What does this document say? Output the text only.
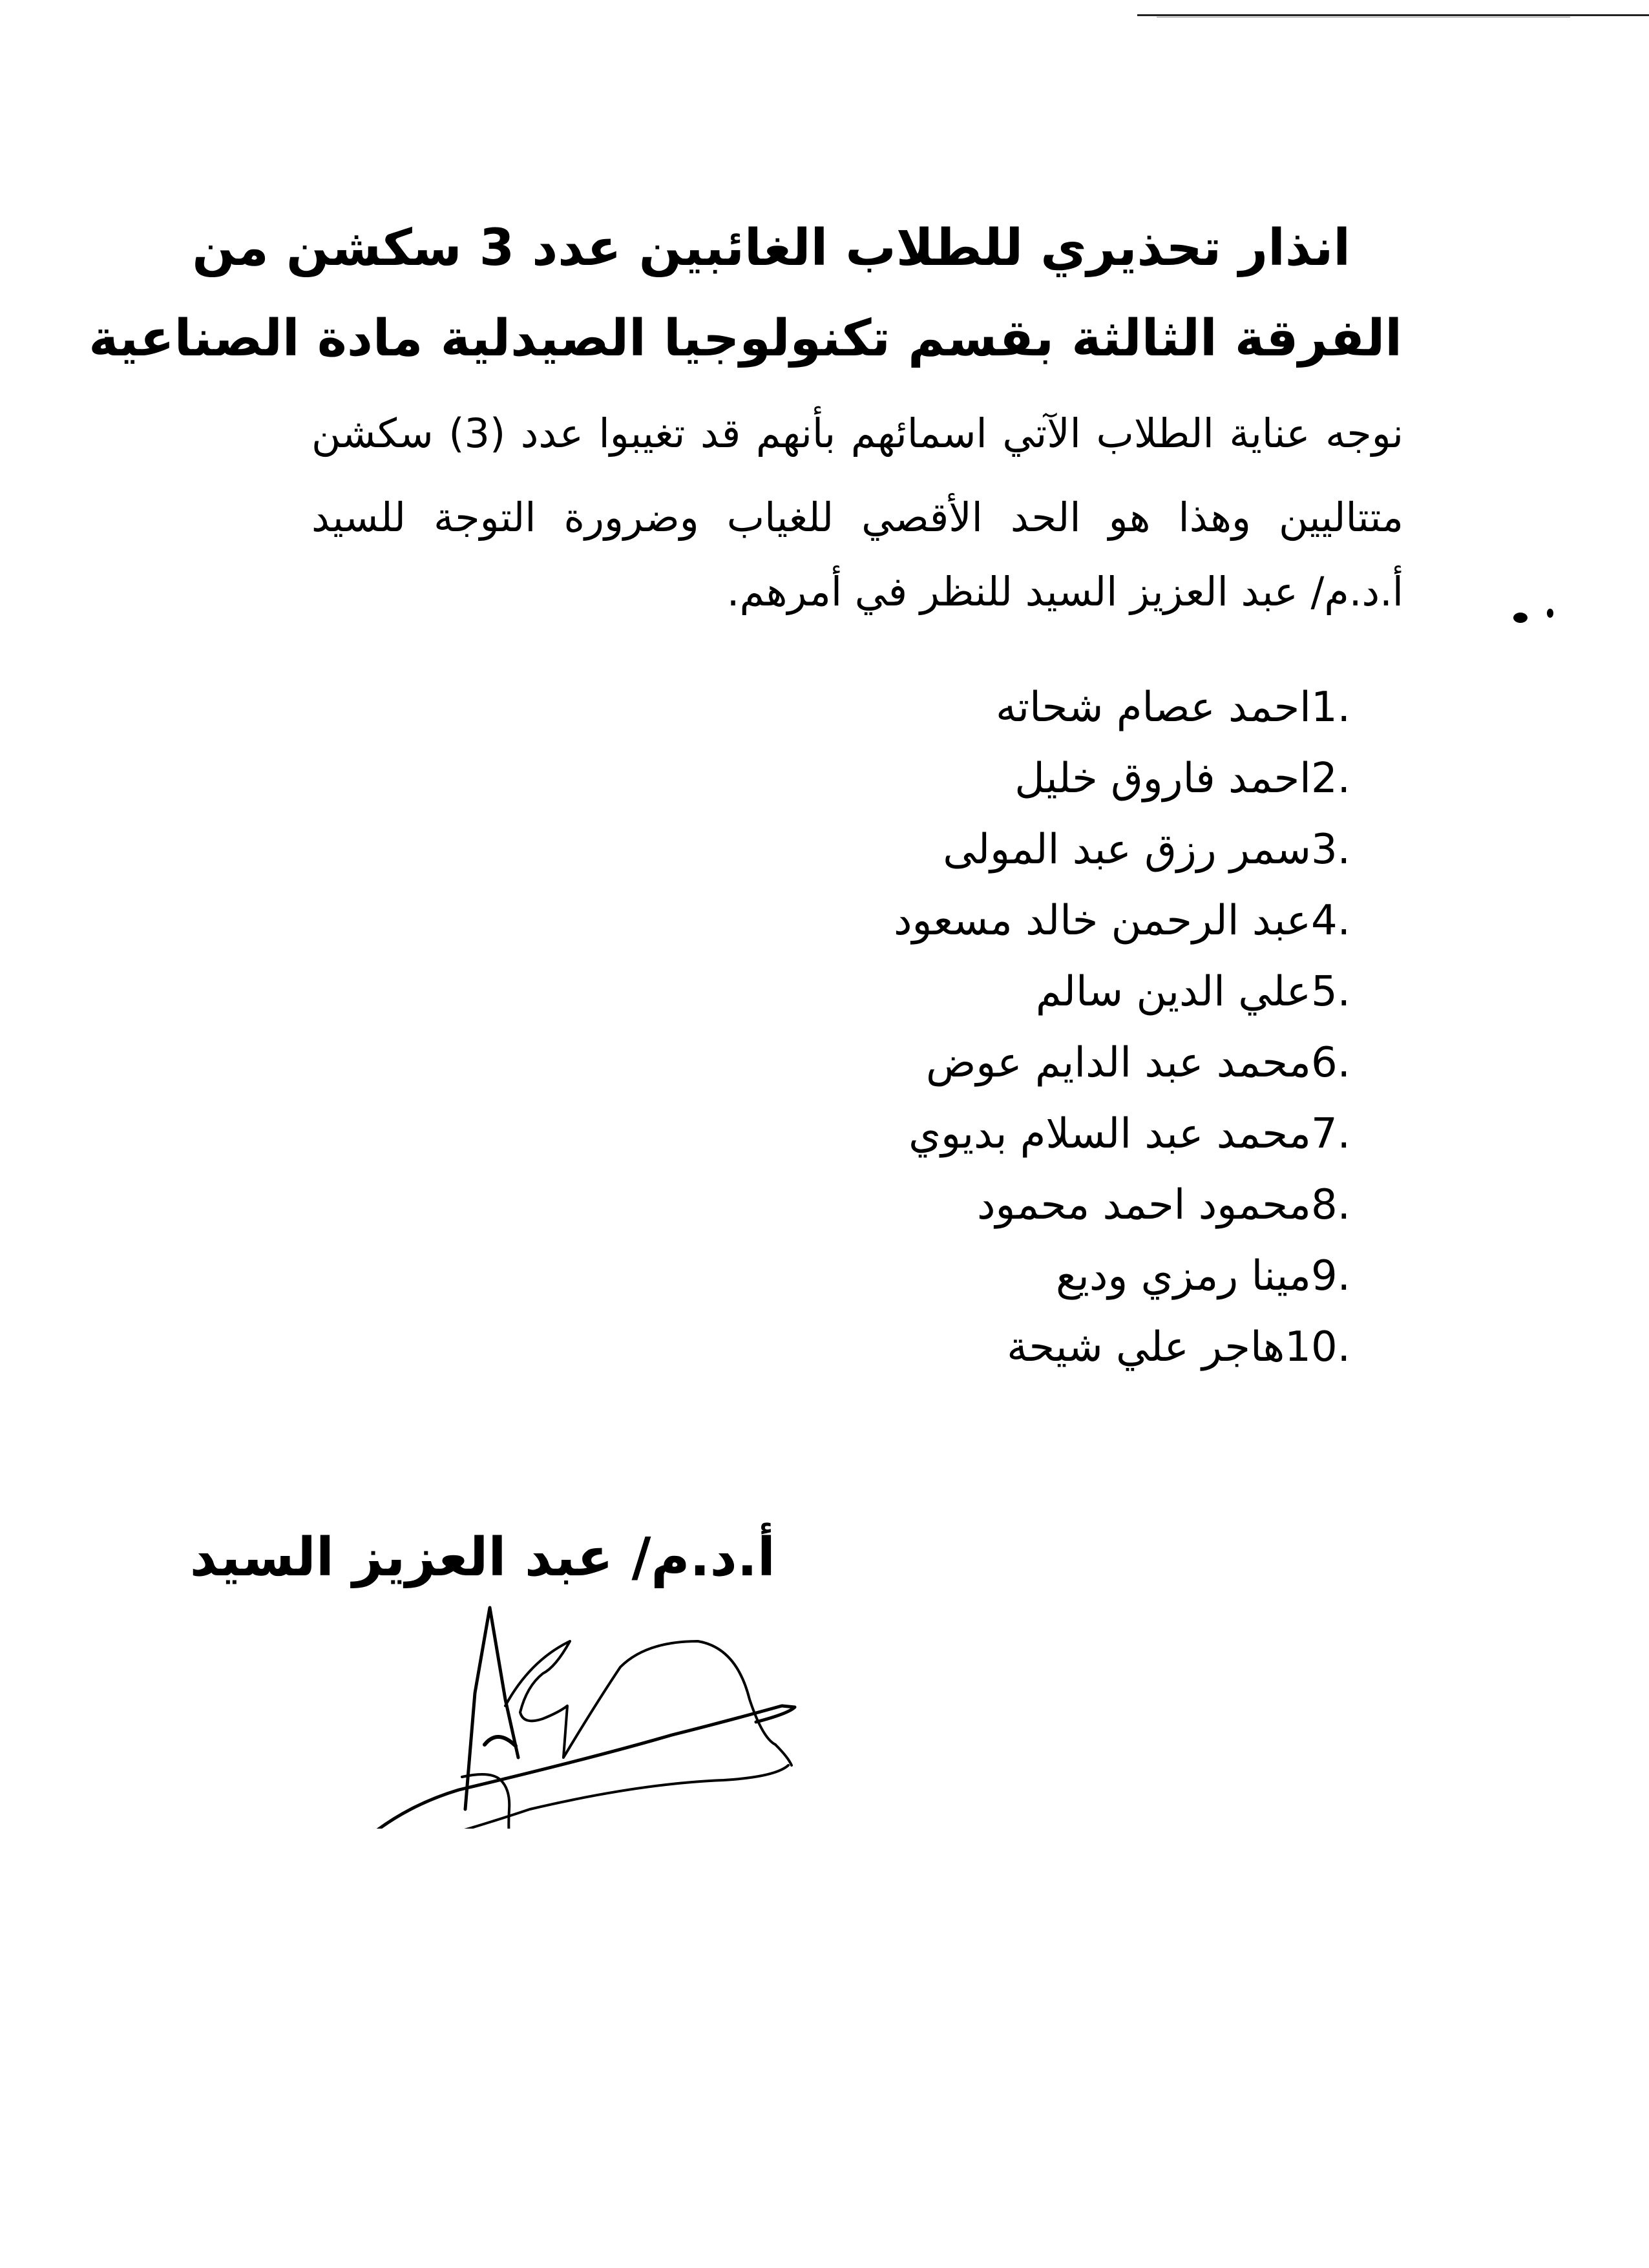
انذار تحذيري للطلاب الغائبين عدد 3 سكشن من
الفرقة الثالثة بقسم تكنولوجيا الصيدلية مادة الصناعية
نوجه عناية الطلاب الآتي اسمائهم بأنهم قد تغيبوا عدد (3) سكشن
متتاليين وهذا هو الحد الأقصي للغياب وضرورة التوجة للسيد
أ.د.م/ عبد العزيز السيد للنظر في أمرهم.
1.احمد عصام شحاته
2.احمد فاروق خليل
3.سمر رزق عبد المولى
4.عبد الرحمن خالد مسعود
5.علي الدين سالم
6.محمد عبد الدايم عوض
7.محمد عبد السلام بديوي
8.محمود احمد محمود
9.مينا رمزي وديع
10.هاجر علي شيحة
أ.د.م/ عبد العزيز السيد
